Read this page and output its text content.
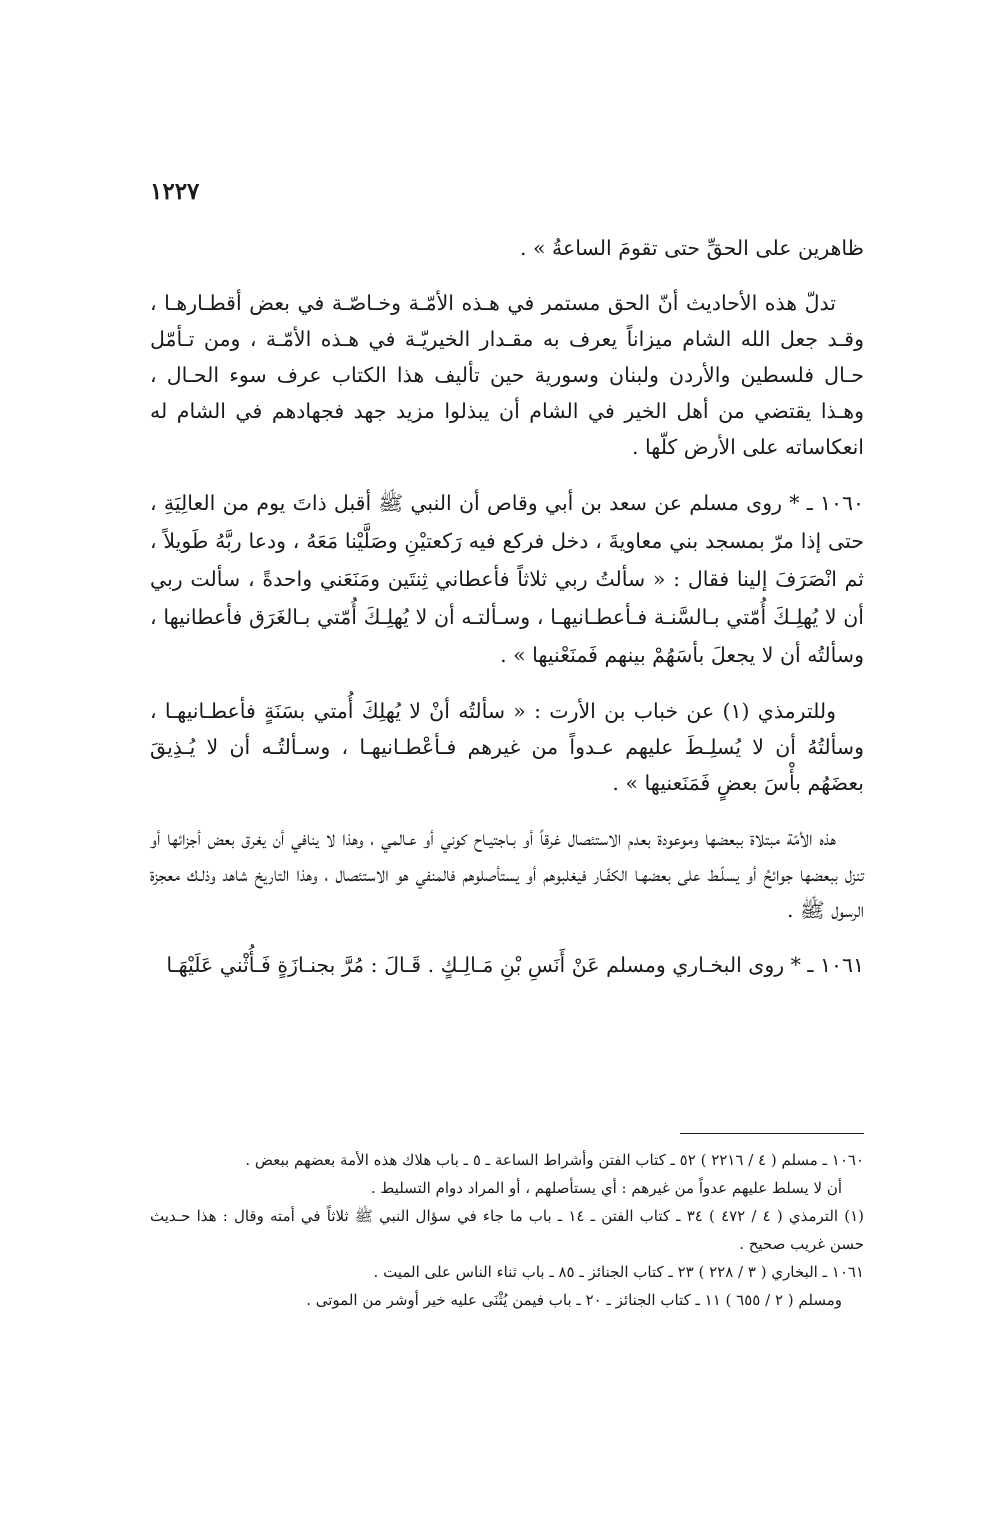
١٢٢٧

ظاهرين على الحقِّ حتى تقومَ الساعةُ » .

تدلّ هذه الأحاديث أنّ الحق مستمر في هـذه الأمّـة وخـاصّـة في بعض أقطـارهـا ، وقـد جعل الله الشام ميزاناً يعرف به مقـدار الخيريّـة في هـذه الأمّـة ، ومن تـأمّل حـال فلسطين والأردن ولبنان وسورية حين تأليف هذا الكتاب عرف سوء الحـال ، وهـذا يقتضي من أهل الخير في الشام أن يبذلوا مزيد جهد فجهادهم في الشام له انعكاساته على الأرض كلّها .

١٠٦٠ ـ * روى مسلم عن سعد بن أبي وقاص أن النبي ﷺ أقبل ذاتَ يوم من العالِيَةِ ، حتى إذا مرّ بمسجد بني معاويةَ ، دخل فركع فيه رَكعتيْنِ وصَلَّيْنا مَعَهُ ، ودعا ربَّهُ طَويلاً ، ثم انْصَرَفَ إلينا فقال : « سألتُ ربي ثلاثاً فأعطاني ثِنتَين ومَنَعَني واحدةً ، سألت ربي أن لا يُهلِـكَ أُمّتي بـالسَّنـة فـأعطـانيهـا ، وسـألتـه أن لا يُهلِـكَ أُمّتي بـالغَرَق فأعطانيها ، وسألتُه أن لا يجعلَ بأسَهُمْ بينهم فَمنَعْنيها » .

وللترمذي (١) عن خباب بن الأرت : « سألتُه أنْ لا يُهلِكَ أُمتي بسَنَةٍ فأعطـانيهـا ، وسألتُهُ أن لا يُسلِـطَ عليهم عـدواً من غيرهم فـأعْطـانيهـا ، وسـألتُـه أن لا يُـذِيقَ بعضَهُم بأْسَ بعضٍ فَمَنَعنيها » .

هذه الأمّة مبتلاة ببعضها وموعودة بعدم الاستئصال غرقاً أو بـاجتيـاح كوني أو عـالمي ، وهذا لا ينافي أن يغرق بعض أجزائها أو تنزل ببعضها جوائحُ أو يسلّـط على بعضهـا الكفّـار فيغلبوهم أو يستأصلوهم فالمنفي هو الاستئصال ، وهذا التاريخ شاهد وذلـك معجزة الرسول ﷺ .

١٠٦١ ـ * روى البخـاري ومسلم عَنْ أَنَسِ بْنِ مَـالِـكٍ . قَـالَ : مُرَّ بجنـازَةٍ فَـأُثْني عَلَيْهَـا

١٠٦٠ ـ مسلم ( ٤ / ٢٢١٦ ) ٥٢ ـ كتاب الفتن وأشراط الساعة ـ ٥ ـ باب هلاك هذه الأمة بعضهم ببعض .

أن لا يسلط عليهم عدواً من غيرهم : أي يستأصلهم ، أو المراد دوام التسليط .

(١) الترمذي ( ٤ / ٤٧٢ ) ٣٤ ـ كتاب الفتن ـ ١٤ ـ باب ما جاء في سؤال النبي ﷺ ثلاثاً في أمته وقال : هذا حـديث حسن غريب صحيح .

١٠٦١ ـ البخاري ( ٣ / ٢٢٨ ) ٢٣ ـ كتاب الجنائز ـ ٨٥ ـ باب ثناء الناس على الميت .

ومسلم ( ٢ / ٦٥٥ ) ١١ ـ كتاب الجنائز ـ ٢٠ ـ باب فيمن يُثْنَى عليه خير أوشر من الموتى .
